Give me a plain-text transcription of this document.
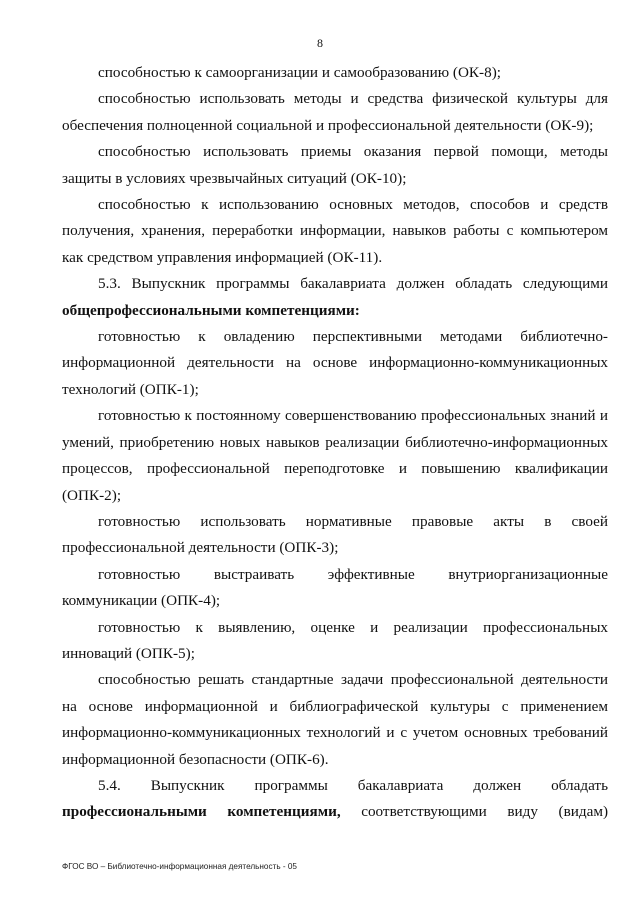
8

способностью к самоорганизации и самообразованию (ОК-8);

способностью использовать методы и средства физической культуры для обеспечения полноценной социальной и профессиональной деятельности (ОК-9);

способностью использовать приемы оказания первой помощи, методы защиты в условиях чрезвычайных ситуаций (ОК-10);

способностью к использованию основных методов, способов и средств получения, хранения, переработки информации, навыков работы с компьютером как средством управления информацией (ОК-11).

5.3. Выпускник программы бакалавриата должен обладать следующими

общепрофессиональными компетенциями:

готовностью к овладению перспективными методами библиотечно-информационной деятельности на основе информационно-коммуникационных технологий (ОПК-1);

готовностью к постоянному совершенствованию профессиональных знаний и умений, приобретению новых навыков реализации библиотечно-информационных процессов, профессиональной переподготовке и повышению квалификации (ОПК-2);

готовностью использовать нормативные правовые акты в своей профессиональной деятельности (ОПК-3);

готовностью выстраивать эффективные внутриорганизационные коммуникации (ОПК-4);

готовностью к выявлению, оценке и реализации профессиональных инноваций (ОПК-5);

способностью решать стандартные задачи профессиональной деятельности на основе информационной и библиографической культуры с применением информационно-коммуникационных технологий и с учетом основных требований информационной безопасности (ОПК-6).

5.4. Выпускник программы бакалавриата должен обладать

профессиональными компетенциями, соответствующими виду (видам)

ФГОС ВО – Библиотечно-информационная деятельность - 05
